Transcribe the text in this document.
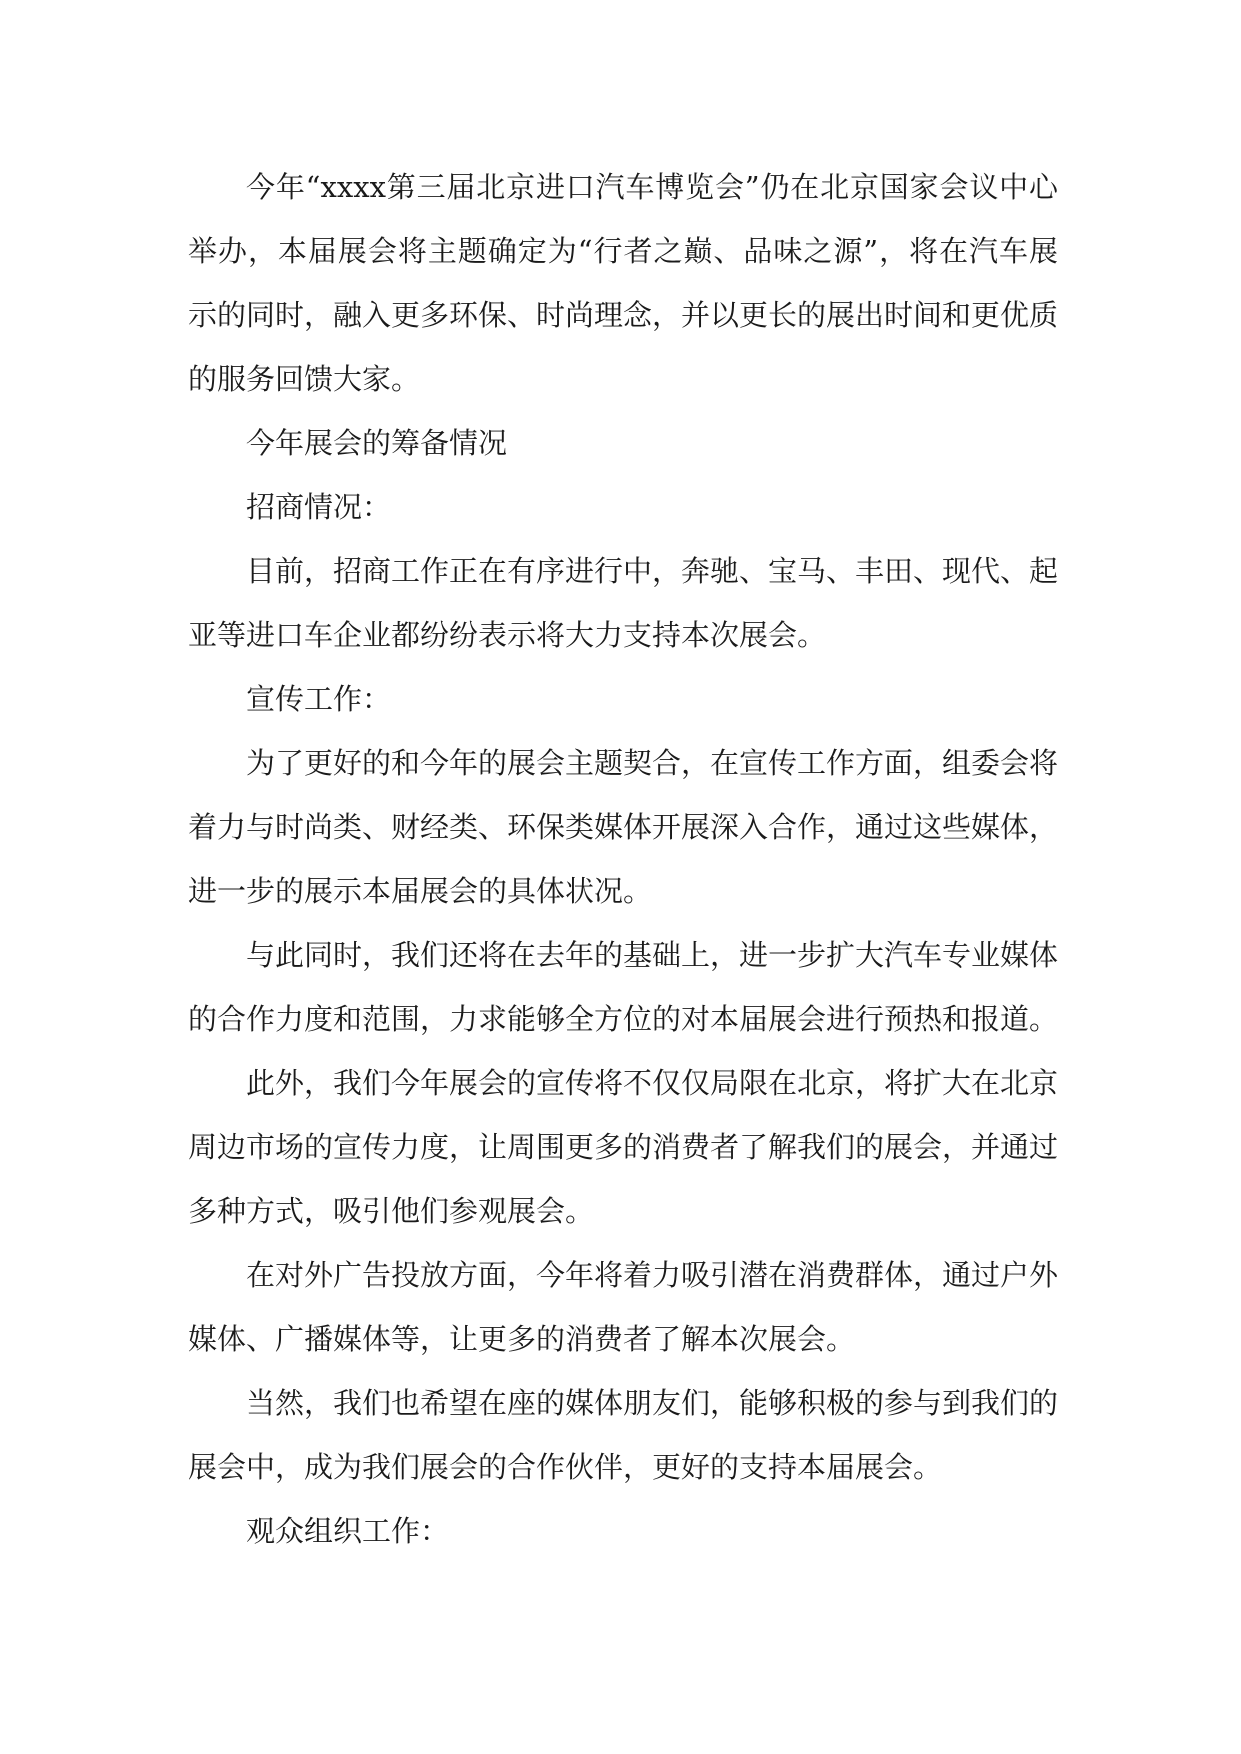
今年“xxxx第三届北京进口汽车博览会”仍在北京国家会议中心举办，本届展会将主题确定为“行者之巅、品味之源”，将在汽车展示的同时，融入更多环保、时尚理念，并以更长的展出时间和更优质的服务回馈大家。

今年展会的筹备情况

招商情况：

目前，招商工作正在有序进行中，奔驰、宝马、丰田、现代、起亚等进口车企业都纷纷表示将大力支持本次展会。

宣传工作：

为了更好的和今年的展会主题契合，在宣传工作方面，组委会将着力与时尚类、财经类、环保类媒体开展深入合作，通过这些媒体，进一步的展示本届展会的具体状况。

与此同时，我们还将在去年的基础上，进一步扩大汽车专业媒体的合作力度和范围，力求能够全方位的对本届展会进行预热和报道。

此外，我们今年展会的宣传将不仅仅局限在北京，将扩大在北京周边市场的宣传力度，让周围更多的消费者了解我们的展会，并通过多种方式，吸引他们参观展会。

在对外广告投放方面，今年将着力吸引潜在消费群体，通过户外媒体、广播媒体等，让更多的消费者了解本次展会。

当然，我们也希望在座的媒体朋友们，能够积极的参与到我们的展会中，成为我们展会的合作伙伴，更好的支持本届展会。

观众组织工作：
